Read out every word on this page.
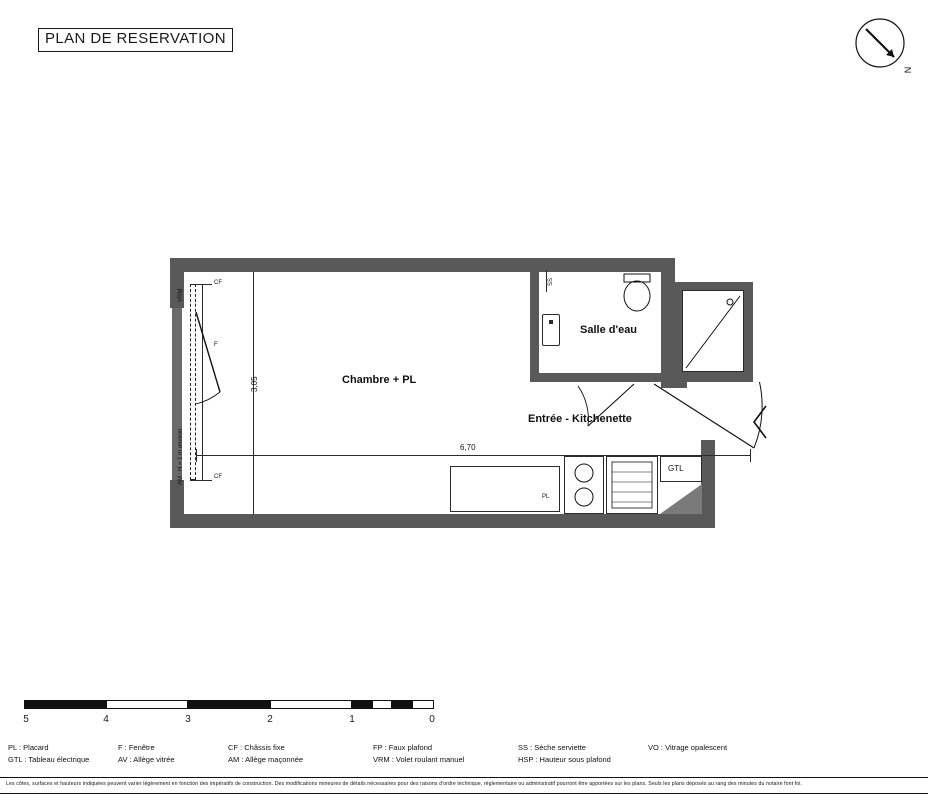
PLAN DE RESERVATION
N
VRM
AM : H = 1 m environ
CF
CF
F
3,05
6,70
Chambre + PL
Salle d'eau
SS
Entrée - Kitchenette
PL
GTL
5	4	3	2	1	0
PL : Placard	F : Fenêtre	CF : Châssis fixe	FP : Faux plafond	SS : Sèche serviette	VO : Vitrage opalescent
GTL : Tableau électrique	AV : Allège vitrée	AM : Allège maçonnée	VRM : Volet roulant manuel	HSP : Hauteur sous plafond
Les côtes, surfaces et hauteurs indiquées peuvent varier légèrement en fonction des impératifs de construction. Des modifications mineures de détails nécessaires pour des raisons d'ordre technique, réglementaire ou administratif pourront être apportées sur les plans. Seuls les plans déposés au rang des minutes du notaire font foi.
